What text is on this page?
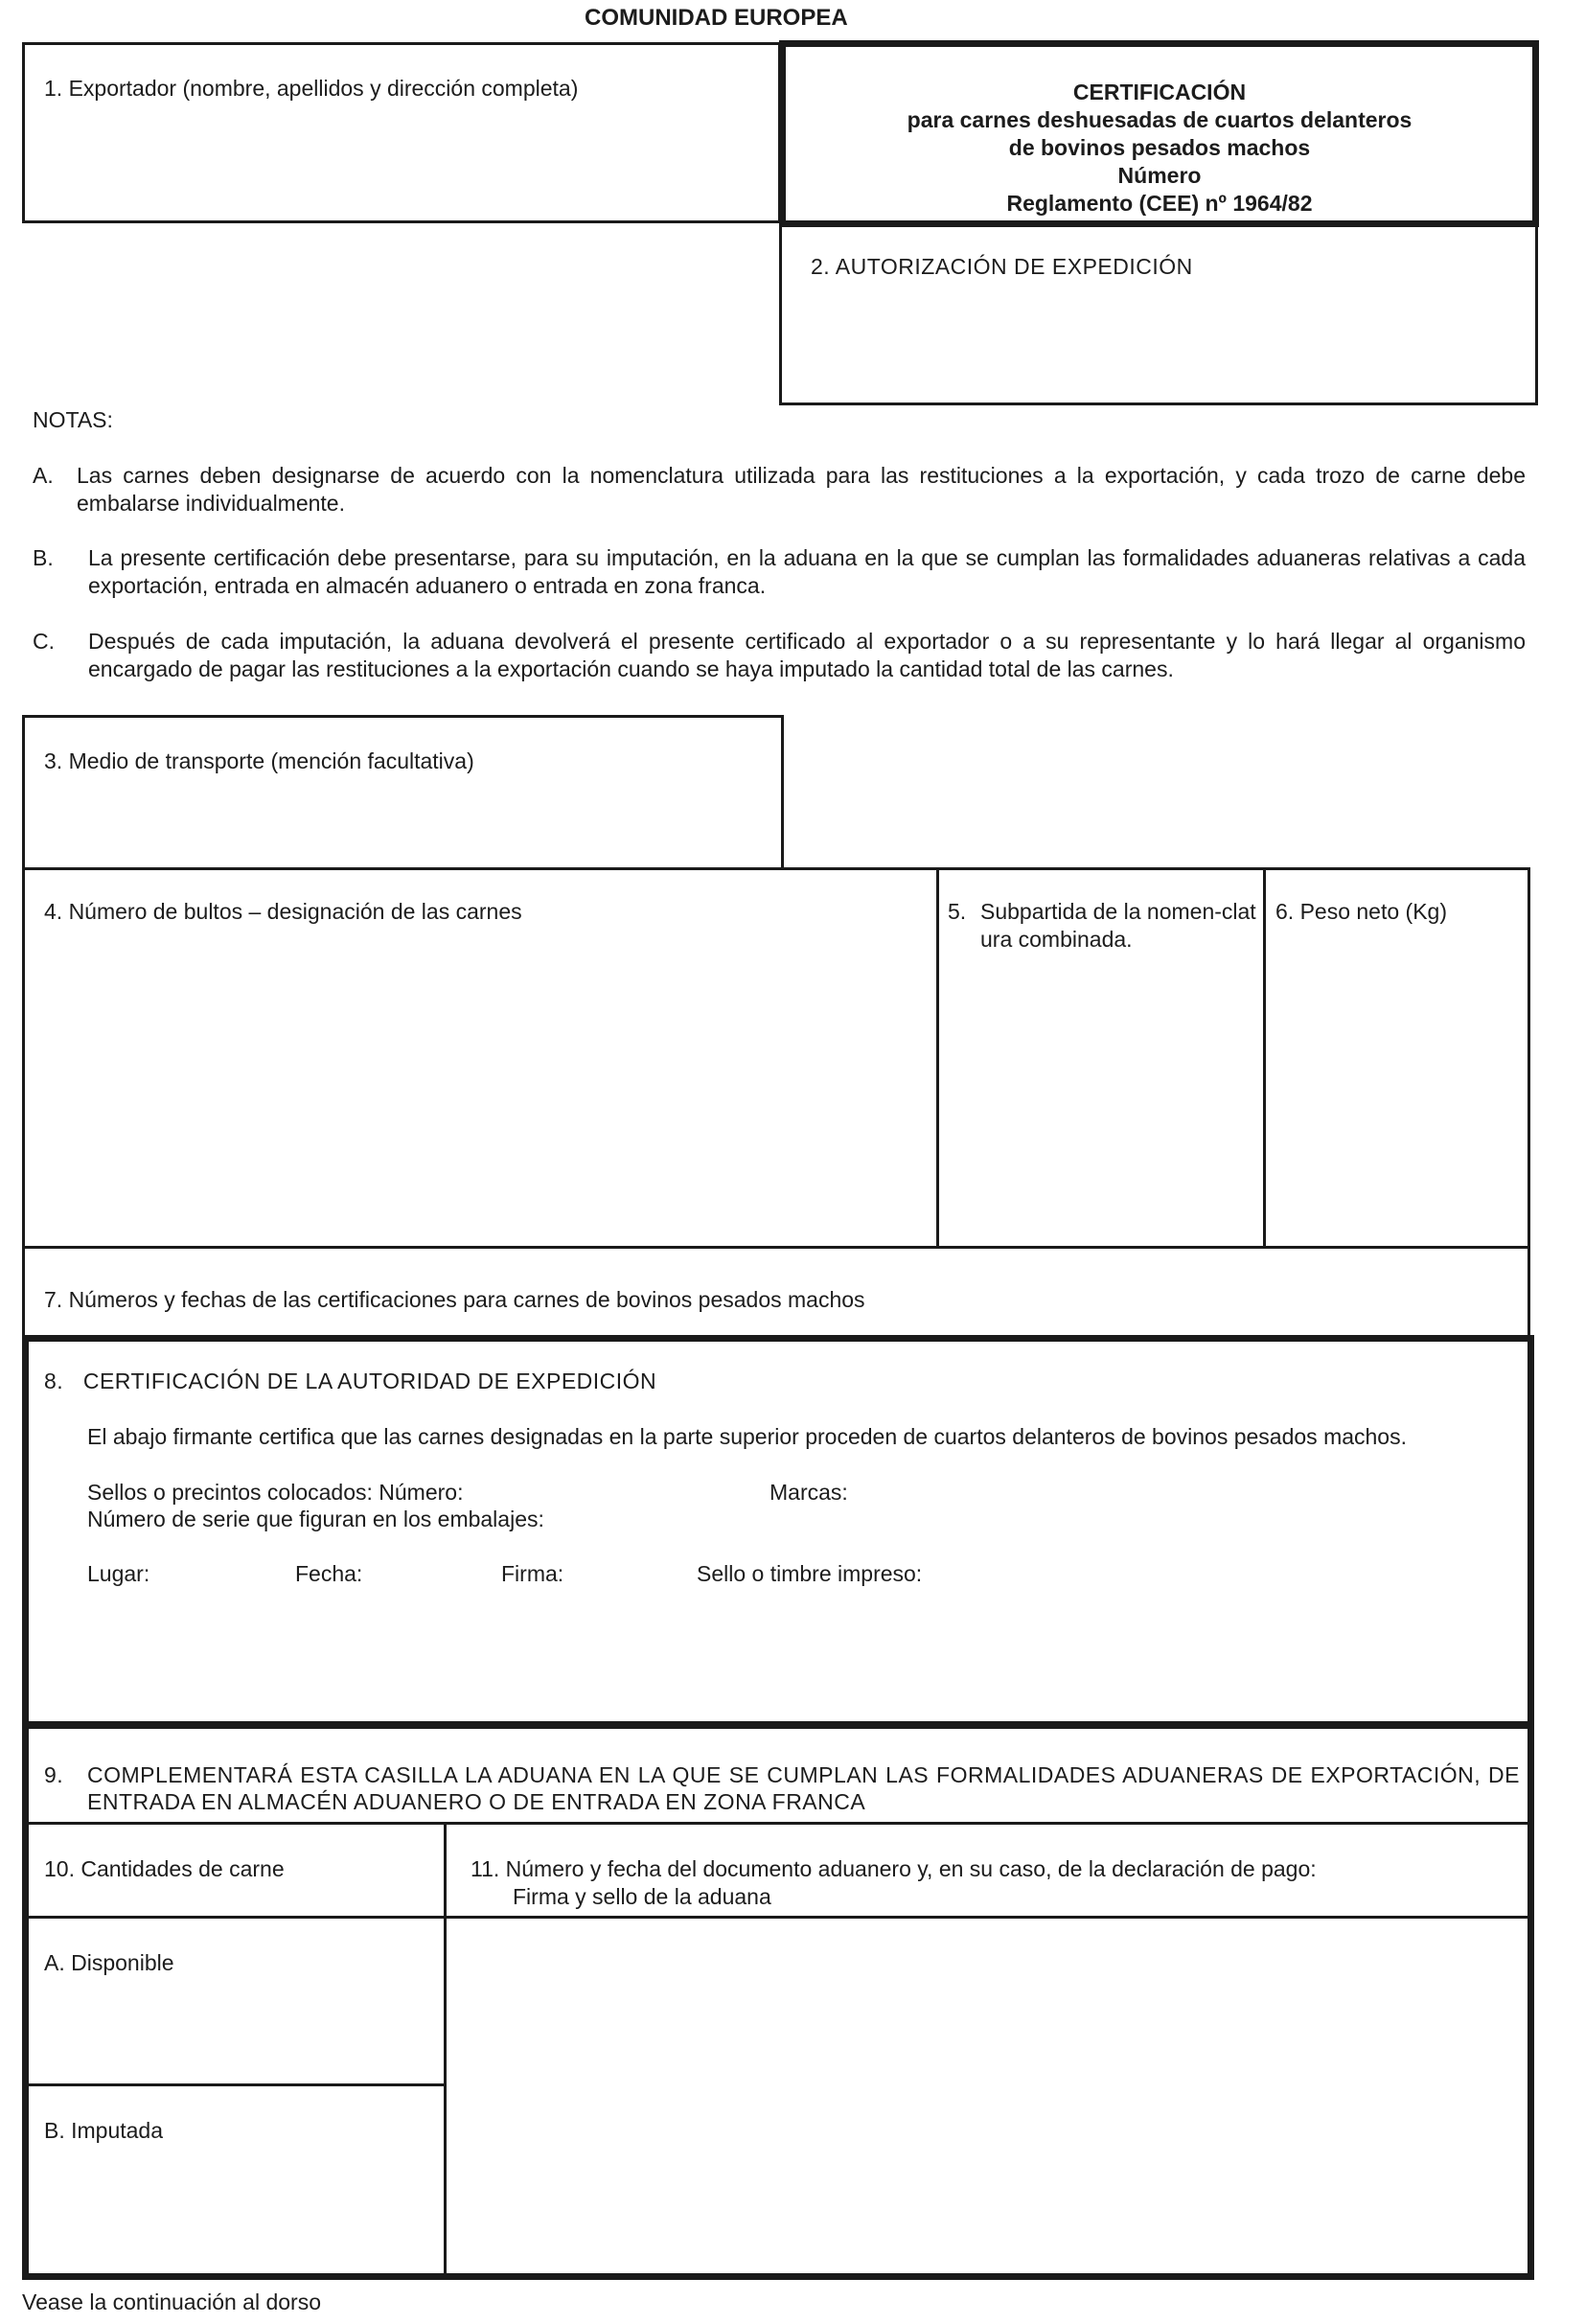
COMUNIDAD EUROPEA
1. Exportador (nombre, apellidos y dirección completa)	CERTIFICACIÓN
para carnes deshuesadas de cuartos delanteros
de bovinos pesados machos
Número
Reglamento (CEE) nº 1964/82
2. AUTORIZACIÓN DE EXPEDICIÓN
NOTAS:
A.	Las carnes deben designarse de acuerdo con la nomenclatura utilizada para las restituciones a la exportación, y cada trozo de carne debe embalarse individualmente.
B.	La presente certificación debe presentarse, para su imputación, en la aduana en la que se cumplan las formalidades aduaneras relativas a cada exportación, entrada en almacén aduanero o entrada en zona franca.
C.	Después de cada imputación, la aduana devolverá el presente certificado al exportador o a su representante y lo hará llegar al organismo encargado de pagar las restituciones a la exportación cuando se haya imputado la cantidad total de las carnes.
3. Medio de transporte (mención facultativa)
4. Número de bultos – designación de las carnes	5. Subpartida de la nomen-clatura combinada.
6. Peso neto (Kg)
7. Números y fechas de las certificaciones para carnes de bovinos pesados machos
8.   CERTIFICACIÓN DE LA AUTORIDAD DE EXPEDICIÓN
El abajo firmante certifica que las carnes designadas en la parte superior proceden de cuartos delanteros de bovinos pesados machos.
Sellos o precintos colocados: Número:	Marcas:
Número de serie que figuran en los embalajes:
Lugar:	Fecha:	Firma:	Sello o timbre impreso:
9.	COMPLEMENTARÁ ESTA CASILLA LA ADUANA EN LA QUE SE CUMPLAN LAS FORMALIDADES ADUANERAS DE EXPORTACIÓN, DE ENTRADA EN ALMACÉN ADUANERO O DE ENTRADA EN ZONA FRANCA
10. Cantidades de carne	11. Número y fecha del documento aduanero y, en su caso, de la declaración de pago:
Firma y sello de la aduana
A. Disponible
B. Imputada
Vease la continuación al dorso
